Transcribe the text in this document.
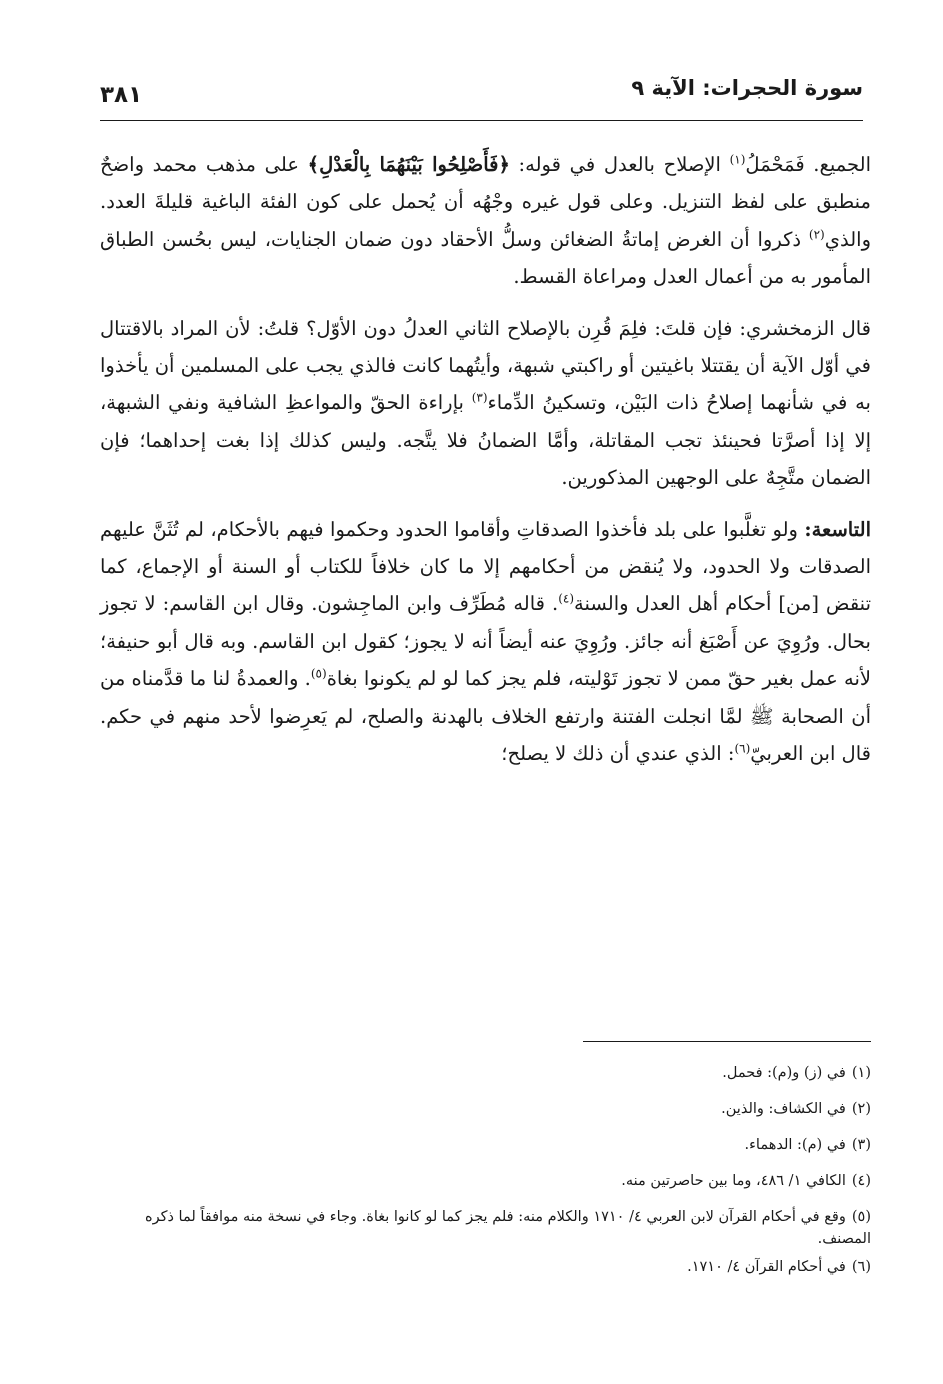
سورة الحجرات: الآية ٩
٣٨١

الجميع. فَمَحْمَلُ$^{(١)}$ الإصلاح بالعدل في قوله: ﴿فَأَصْلِحُوا بَيْنَهُمَا بِالْعَدْلِ﴾ على مذهب محمد واضحٌ منطبق على لفظ التنزيل. وعلى قول غيره وجْهُه أن يُحمل على كون الفئة الباغية قليلةَ العدد. والذي$^{(٢)}$ ذكروا أن الغرض إماتةُ الضغائن وسلُّ الأحقاد دون ضمان الجنايات، ليس بحُسن الطباق المأمور به من أعمال العدل ومراعاة القسط.

قال الزمخشري: فإن قلتَ: فلِمَ قُرِن بالإصلاح الثاني العدلُ دون الأوّل؟ قلتُ: لأن المراد بالاقتتال في أوّل الآية أن يقتتلا باغيتين أو راكبتي شبهة، وأيتُهما كانت فالذي يجب على المسلمين أن يأخذوا به في شأنهما إصلاحُ ذات البَيْن، وتسكينُ الدِّماء$^{(٣)}$ بإراءة الحقّ والمواعظِ الشافية ونفي الشبهة، إلا إذا أصرَّتا فحينئذ تجب المقاتلة، وأمَّا الضمانُ فلا يتَّجه. وليس كذلك إذا بغت إحداهما؛ فإن الضمان متَّجِهٌ على الوجهين المذكورين.

التاسعة: ولو تغلَّبوا على بلد فأخذوا الصدقاتِ وأقاموا الحدود وحكموا فيهم بالأحكام، لم تُثَنَّ عليهم الصدقات ولا الحدود، ولا يُنقض من أحكامهم إلا ما كان خلافاً للكتاب أو السنة أو الإجماع، كما تنقض [من] أحكام أهل العدل والسنة$^{(٤)}$. قاله مُطَرِّف وابن الماجِشون. وقال ابن القاسم: لا تجوز بحال. ورُوِيَ عن أَصْبَغ أنه جائز. ورُوِيَ عنه أيضاً أنه لا يجوز؛ كقول ابن القاسم. وبه قال أبو حنيفة؛ لأنه عمل بغير حقّ ممن لا تجوز تَوْليته، فلم يجز كما لو لم يكونوا بغاة$^{(٥)}$. والعمدةُ لنا ما قدَّمناه من أن الصحابة ﷺ لمَّا انجلت الفتنة وارتفع الخلاف بالهدنة والصلح، لم يَعرِضوا لأحد منهم في حكم. قال ابن العربيّ$^{(٦)}$: الذي عندي أن ذلك لا يصلح؛

(١)في (ز) و(م): فحمل.

(٢)في الكشاف: والذين.

(٣)في (م): الدهماء.

(٤)الكافي ١/ ٤٨٦، وما بين حاصرتين منه.

(٥)وقع في أحكام القرآن لابن العربي ٤/ ١٧١٠ والكلام منه: فلم يجز كما لو كانوا بغاة. وجاء في نسخة منه موافقاً لما ذكره المصنف.

(٦)في أحكام القرآن ٤/ ١٧١٠.
